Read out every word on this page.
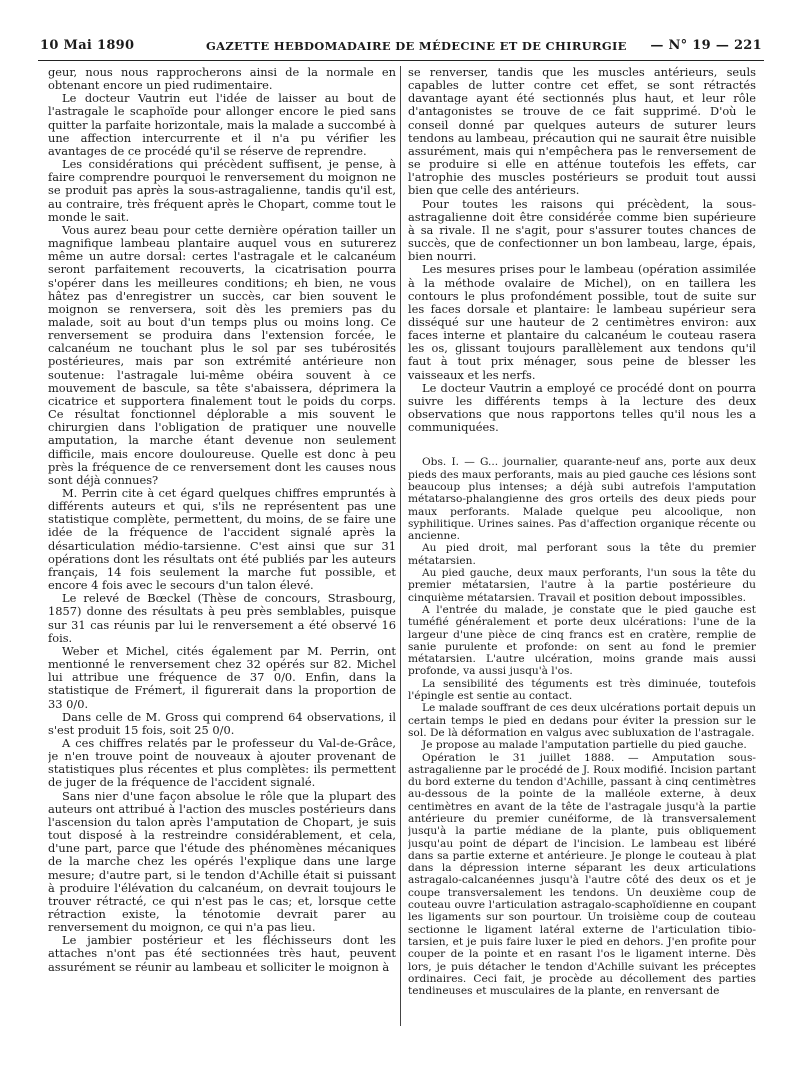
10 Mai 1890	GAZETTE HEBDOMADAIRE DE MÉDECINE ET DE CHIRURGIE — N° 19 — 221

geur, nous nous rapprocherons ainsi de la normale en obtenant encore un pied rudimentaire.

Le docteur Vautrin eut l'idée de laisser au bout de l'astragale le scaphoïde pour allonger encore le pied sans quitter la parfaite horizontale, mais la malade a succombé à une affection intercurrente et il n'a pu vérifier les avantages de ce procédé qu'il se réserve de reprendre.

Les considérations qui précèdent suffisent, je pense, à faire comprendre pourquoi le renversement du moignon ne se produit pas après la sous-astragalienne, tandis qu'il est, au contraire, très fréquent après le Chopart, comme tout le monde le sait.

Vous aurez beau pour cette dernière opération tailler un magnifique lambeau plantaire auquel vous en suturerez même un autre dorsal: certes l'astragale et le calcanéum seront parfaitement recouverts, la cicatrisation pourra s'opérer dans les meilleures conditions; eh bien, ne vous hâtez pas d'enregistrer un succès, car bien souvent le moignon se renversera, soit dès les premiers pas du malade, soit au bout d'un temps plus ou moins long. Ce renversement se produira dans l'extension forcée, le calcanéum ne touchant plus le sol par ses tubérosités postérieures, mais par son extrémité antérieure non soutenue: l'astragale lui-même obéira souvent à ce mouvement de bascule, sa tête s'abaissera, déprimera la cicatrice et supportera finalement tout le poids du corps. Ce résultat fonctionnel déplorable a mis souvent le chirurgien dans l'obligation de pratiquer une nouvelle amputation, la marche étant devenue non seulement difficile, mais encore douloureuse. Quelle est donc à peu près la fréquence de ce renversement dont les causes nous sont déjà connues?

M. Perrin cite à cet égard quelques chiffres empruntés à différents auteurs et qui, s'ils ne représentent pas une statistique complète, permettent, du moins, de se faire une idée de la fréquence de l'accident signalé après la désarticulation médio-tarsienne. C'est ainsi que sur 31 opérations dont les résultats ont été publiés par les auteurs français, 14 fois seulement la marche fut possible, et encore 4 fois avec le secours d'un talon élevé.

Le relevé de Bœckel (Thèse de concours, Strasbourg, 1857) donne des résultats à peu près semblables, puisque sur 31 cas réunis par lui le renversement a été observé 16 fois.

Weber et Michel, cités également par M. Perrin, ont mentionné le renversement chez 32 opérés sur 82. Michel lui attribue une fréquence de 37 0/0. Enfin, dans la statistique de Frémert, il figurerait dans la proportion de 33 0/0.

Dans celle de M. Gross qui comprend 64 observations, il s'est produit 15 fois, soit 25 0/0.

A ces chiffres relatés par le professeur du Val-de-Grâce, je n'en trouve point de nouveaux à ajouter provenant de statistiques plus récentes et plus complètes: ils permettent de juger de la fréquence de l'accident signalé.

Sans nier d'une façon absolue le rôle que la plupart des auteurs ont attribué à l'action des muscles postérieurs dans l'ascension du talon après l'amputation de Chopart, je suis tout disposé à la restreindre considérablement, et cela, d'une part, parce que l'étude des phénomènes mécaniques de la marche chez les opérés l'explique dans une large mesure; d'autre part, si le tendon d'Achille était si puissant à produire l'élévation du calcanéum, on devrait toujours le trouver rétracté, ce qui n'est pas le cas; et, lorsque cette rétraction existe, la ténotomie devrait parer au renversement du moignon, ce qui n'a pas lieu.

Le jambier postérieur et les fléchisseurs dont les attaches n'ont pas été sectionnées très haut, peuvent assurément se réunir au lambeau et solliciter le moignon à

se renverser, tandis que les muscles antérieurs, seuls capables de lutter contre cet effet, se sont rétractés davantage ayant été sectionnés plus haut, et leur rôle d'antagonistes se trouve de ce fait supprimé. D'où le conseil donné par quelques auteurs de suturer leurs tendons au lambeau, précaution qui ne saurait être nuisible assurément, mais qui n'empêchera pas le renversement de se produire si elle en atténue toutefois les effets, car l'atrophie des muscles postérieurs se produit tout aussi bien que celle des antérieurs.

Pour toutes les raisons qui précèdent, la sous-astragalienne doit être considérée comme bien supérieure à sa rivale. Il ne s'agit, pour s'assurer toutes chances de succès, que de confectionner un bon lambeau, large, épais, bien nourri.

Les mesures prises pour le lambeau (opération assimilée à la méthode ovalaire de Michel), on en taillera les contours le plus profondément possible, tout de suite sur les faces dorsale et plantaire: le lambeau supérieur sera disséqué sur une hauteur de 2 centimètres environ: aux faces interne et plantaire du calcanéum le couteau rasera les os, glissant toujours parallèlement aux tendons qu'il faut à tout prix ménager, sous peine de blesser les vaisseaux et les nerfs.

Le docteur Vautrin a employé ce procédé dont on pourra suivre les différents temps à la lecture des deux observations que nous rapportons telles qu'il nous les a communiquées.

Obs. I. — G... journalier, quarante-neuf ans, porte aux deux pieds des maux perforants, mais au pied gauche ces lésions sont beaucoup plus intenses; a déjà subi autrefois l'amputation métatarso-phalangienne des gros orteils des deux pieds pour maux perforants. Malade quelque peu alcoolique, non syphilitique. Urines saines. Pas d'affection organique récente ou ancienne.

Au pied droit, mal perforant sous la tête du premier métatarsien.

Au pied gauche, deux maux perforants, l'un sous la tête du premier métatarsien, l'autre à la partie postérieure du cinquième métatarsien. Travail et position debout impossibles.

A l'entrée du malade, je constate que le pied gauche est tuméfié généralement et porte deux ulcérations: l'une de la largeur d'une pièce de cinq francs est en cratère, remplie de sanie purulente et profonde: on sent au fond le premier métatarsien. L'autre ulcération, moins grande mais aussi profonde, va aussi jusqu'à l'os.

La sensibilité des téguments est très diminuée, toutefois l'épingle est sentie au contact.

Le malade souffrant de ces deux ulcérations portait depuis un certain temps le pied en dedans pour éviter la pression sur le sol. De là déformation en valgus avec subluxation de l'astragale.

Je propose au malade l'amputation partielle du pied gauche.

Opération le 31 juillet 1888. — Amputation sous-astragalienne par le procédé de J. Roux modifié. Incision partant du bord externe du tendon d'Achille, passant à cinq centimètres au-dessous de la pointe de la malléole externe, à deux centimètres en avant de la tête de l'astragale jusqu'à la partie antérieure du premier cunéiforme, de là transversalement jusqu'à la partie médiane de la plante, puis obliquement jusqu'au point de départ de l'incision. Le lambeau est libéré dans sa partie externe et antérieure. Je plonge le couteau à plat dans la dépression interne séparant les deux articulations astragalo-calcanéennes jusqu'à l'autre côté des deux os et je coupe transversalement les tendons. Un deuxième coup de couteau ouvre l'articulation astragalo-scaphoïdienne en coupant les ligaments sur son pourtour. Un troisième coup de couteau sectionne le ligament latéral externe de l'articulation tibio-tarsien, et je puis faire luxer le pied en dehors. J'en profite pour couper de la pointe et en rasant l'os le ligament interne. Dès lors, je puis détacher le tendon d'Achille suivant les préceptes ordinaires. Ceci fait, je procède au décollement des parties tendineuses et musculaires de la plante, en renversant de
